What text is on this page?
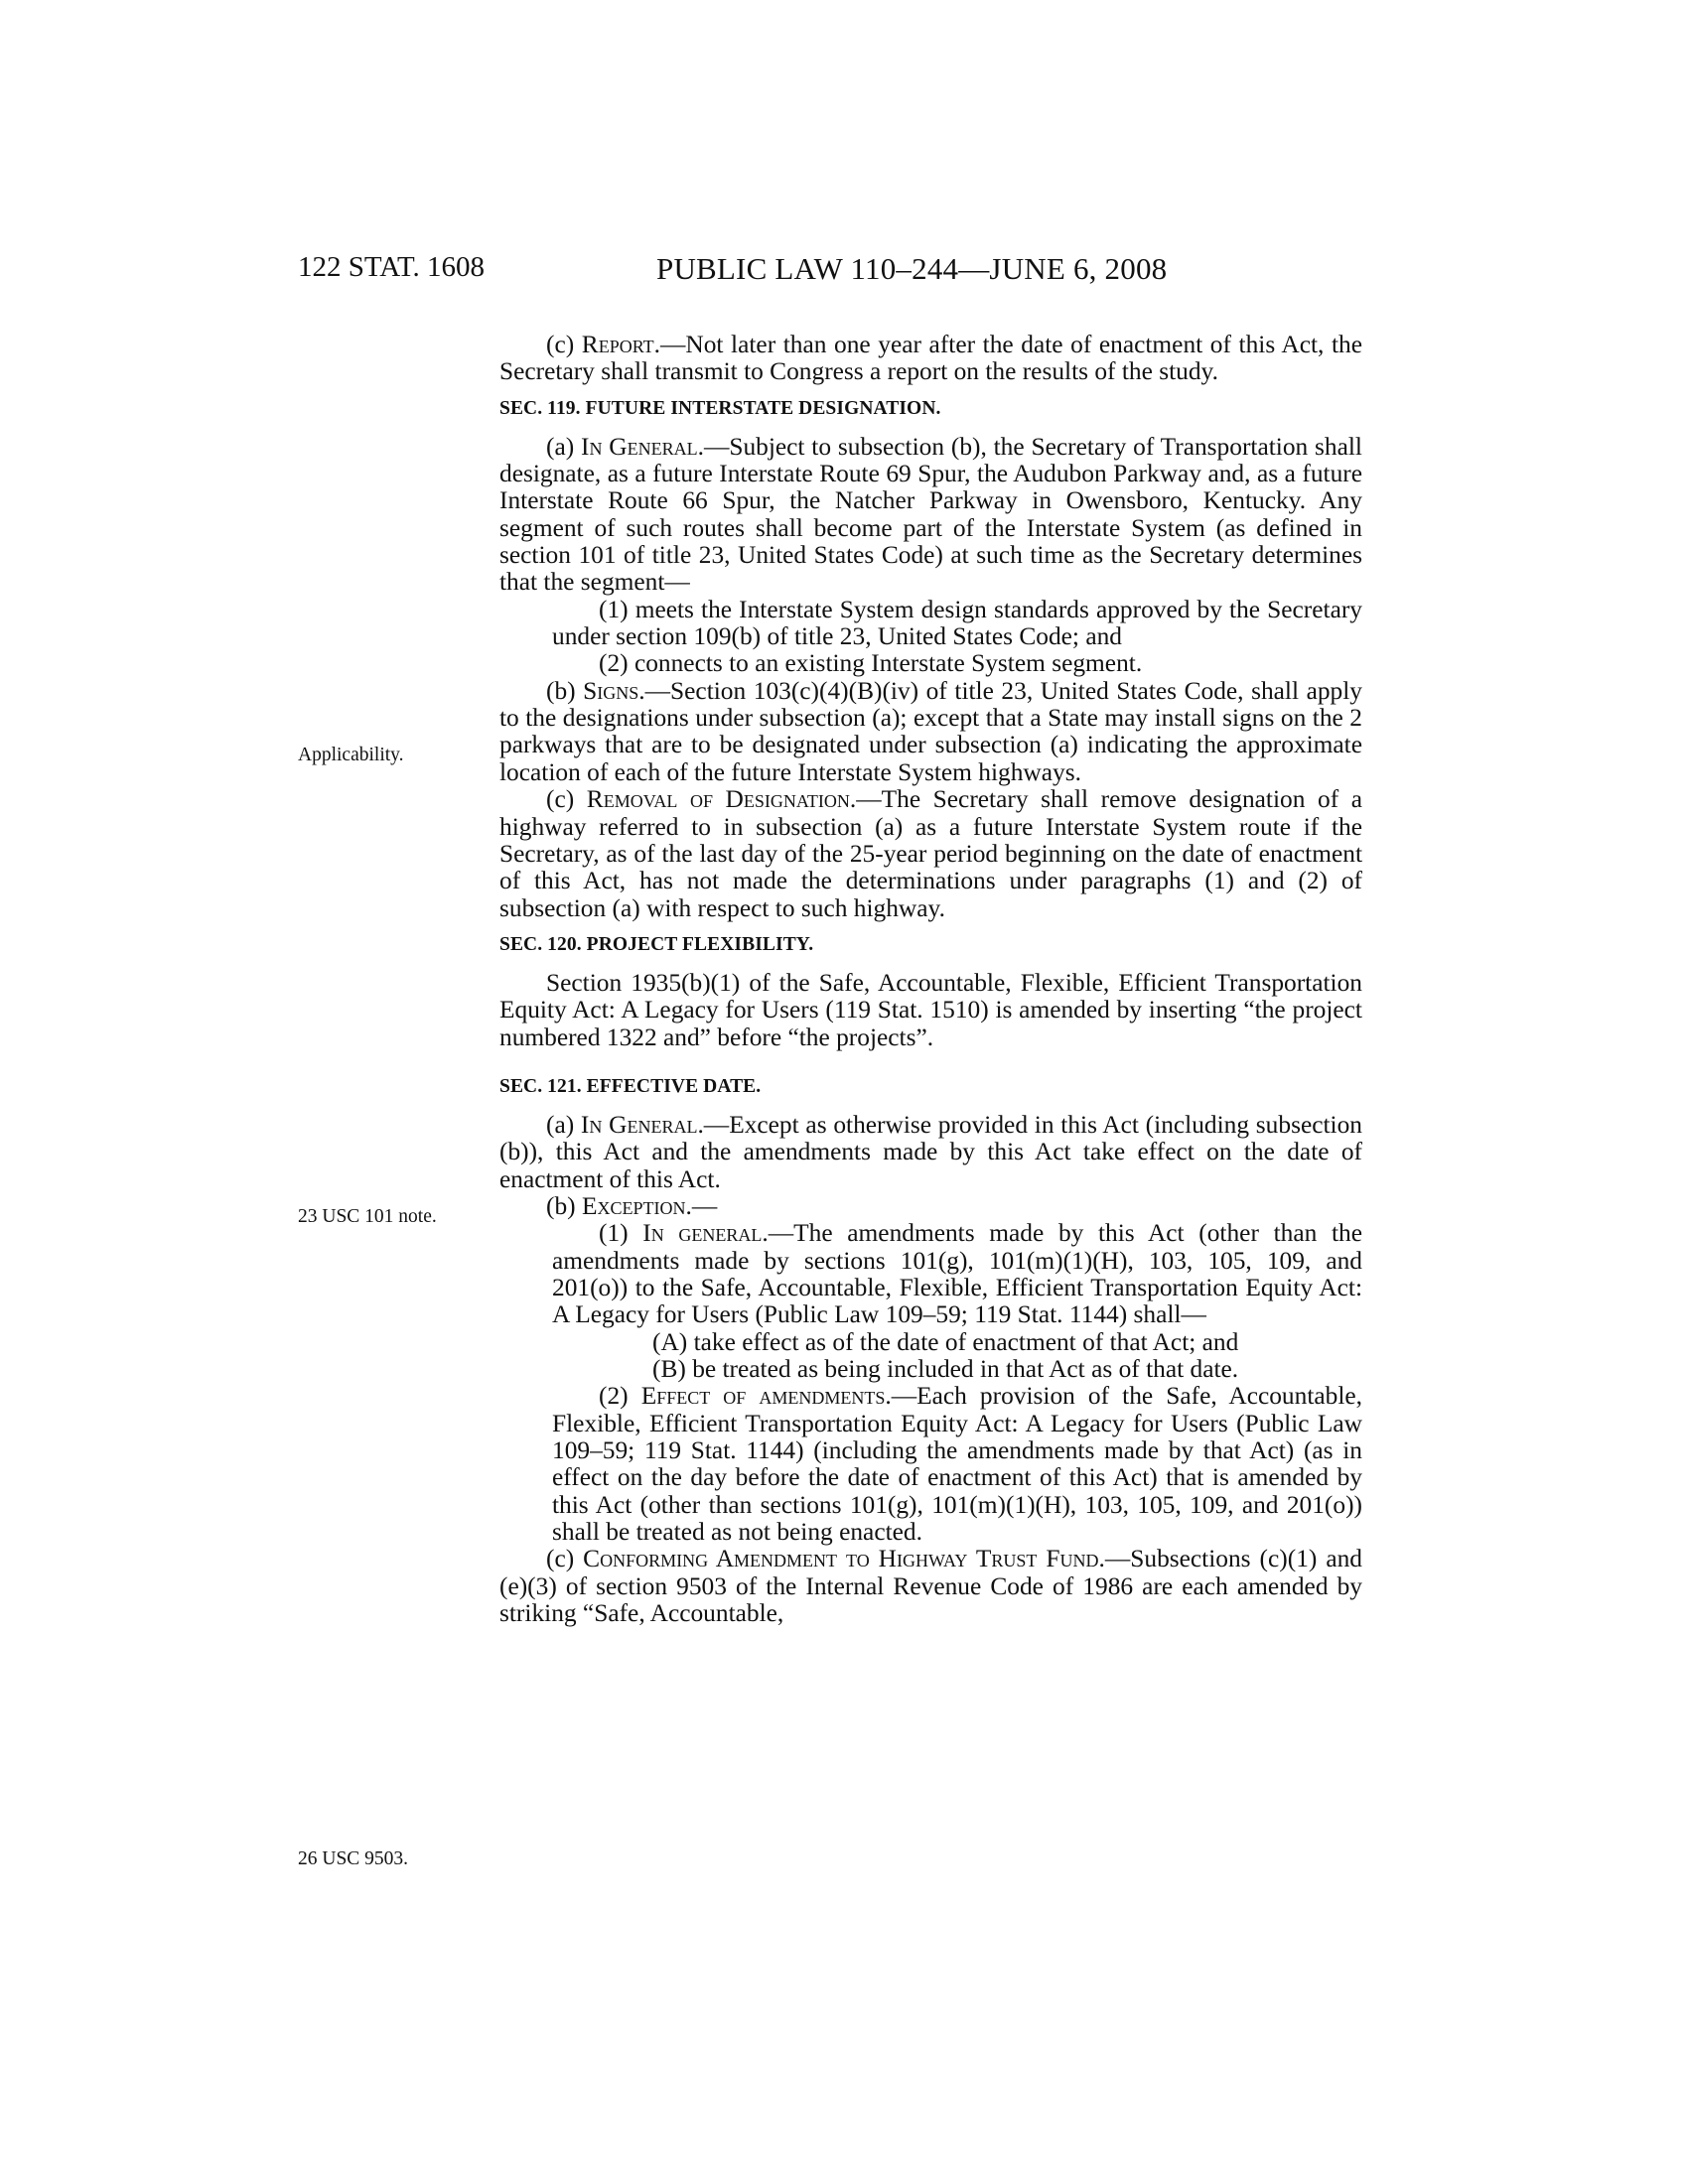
122 STAT. 1608	PUBLIC LAW 110–244—JUNE 6, 2008
Applicability.
23 USC 101 note.
26 USC 9503.

(c) Report.—Not later than one year after the date of enactment of this Act, the Secretary shall transmit to Congress a report on the results of the study.

SEC. 119. FUTURE INTERSTATE DESIGNATION.

(a) In General.—Subject to subsection (b), the Secretary of Transportation shall designate, as a future Interstate Route 69 Spur, the Audubon Parkway and, as a future Interstate Route 66 Spur, the Natcher Parkway in Owensboro, Kentucky. Any segment of such routes shall become part of the Interstate System (as defined in section 101 of title 23, United States Code) at such time as the Secretary determines that the segment—

(1) meets the Interstate System design standards approved by the Secretary under section 109(b) of title 23, United States Code; and

(2) connects to an existing Interstate System segment.

(b) Signs.—Section 103(c)(4)(B)(iv) of title 23, United States Code, shall apply to the designations under subsection (a); except that a State may install signs on the 2 parkways that are to be designated under subsection (a) indicating the approximate location of each of the future Interstate System highways.

(c) Removal of Designation.—The Secretary shall remove designation of a highway referred to in subsection (a) as a future Interstate System route if the Secretary, as of the last day of the 25-year period beginning on the date of enactment of this Act, has not made the determinations under paragraphs (1) and (2) of subsection (a) with respect to such highway.

SEC. 120. PROJECT FLEXIBILITY.

Section 1935(b)(1) of the Safe, Accountable, Flexible, Efficient Transportation Equity Act: A Legacy for Users (119 Stat. 1510) is amended by inserting “the project numbered 1322 and” before “the projects”.

SEC. 121. EFFECTIVE DATE.

(a) In General.—Except as otherwise provided in this Act (including subsection (b)), this Act and the amendments made by this Act take effect on the date of enactment of this Act.

(b) Exception.—

(1) In general.—The amendments made by this Act (other than the amendments made by sections 101(g), 101(m)(1)(H), 103, 105, 109, and 201(o)) to the Safe, Accountable, Flexible, Efficient Transportation Equity Act: A Legacy for Users (Public Law 109–59; 119 Stat. 1144) shall—

(A) take effect as of the date of enactment of that Act; and

(B) be treated as being included in that Act as of that date.

(2) Effect of amendments.—Each provision of the Safe, Accountable, Flexible, Efficient Transportation Equity Act: A Legacy for Users (Public Law 109–59; 119 Stat. 1144) (including the amendments made by that Act) (as in effect on the day before the date of enactment of this Act) that is amended by this Act (other than sections 101(g), 101(m)(1)(H), 103, 105, 109, and 201(o)) shall be treated as not being enacted.

(c) Conforming Amendment to Highway Trust Fund.—Subsections (c)(1) and (e)(3) of section 9503 of the Internal Revenue Code of 1986 are each amended by striking “Safe, Accountable,
